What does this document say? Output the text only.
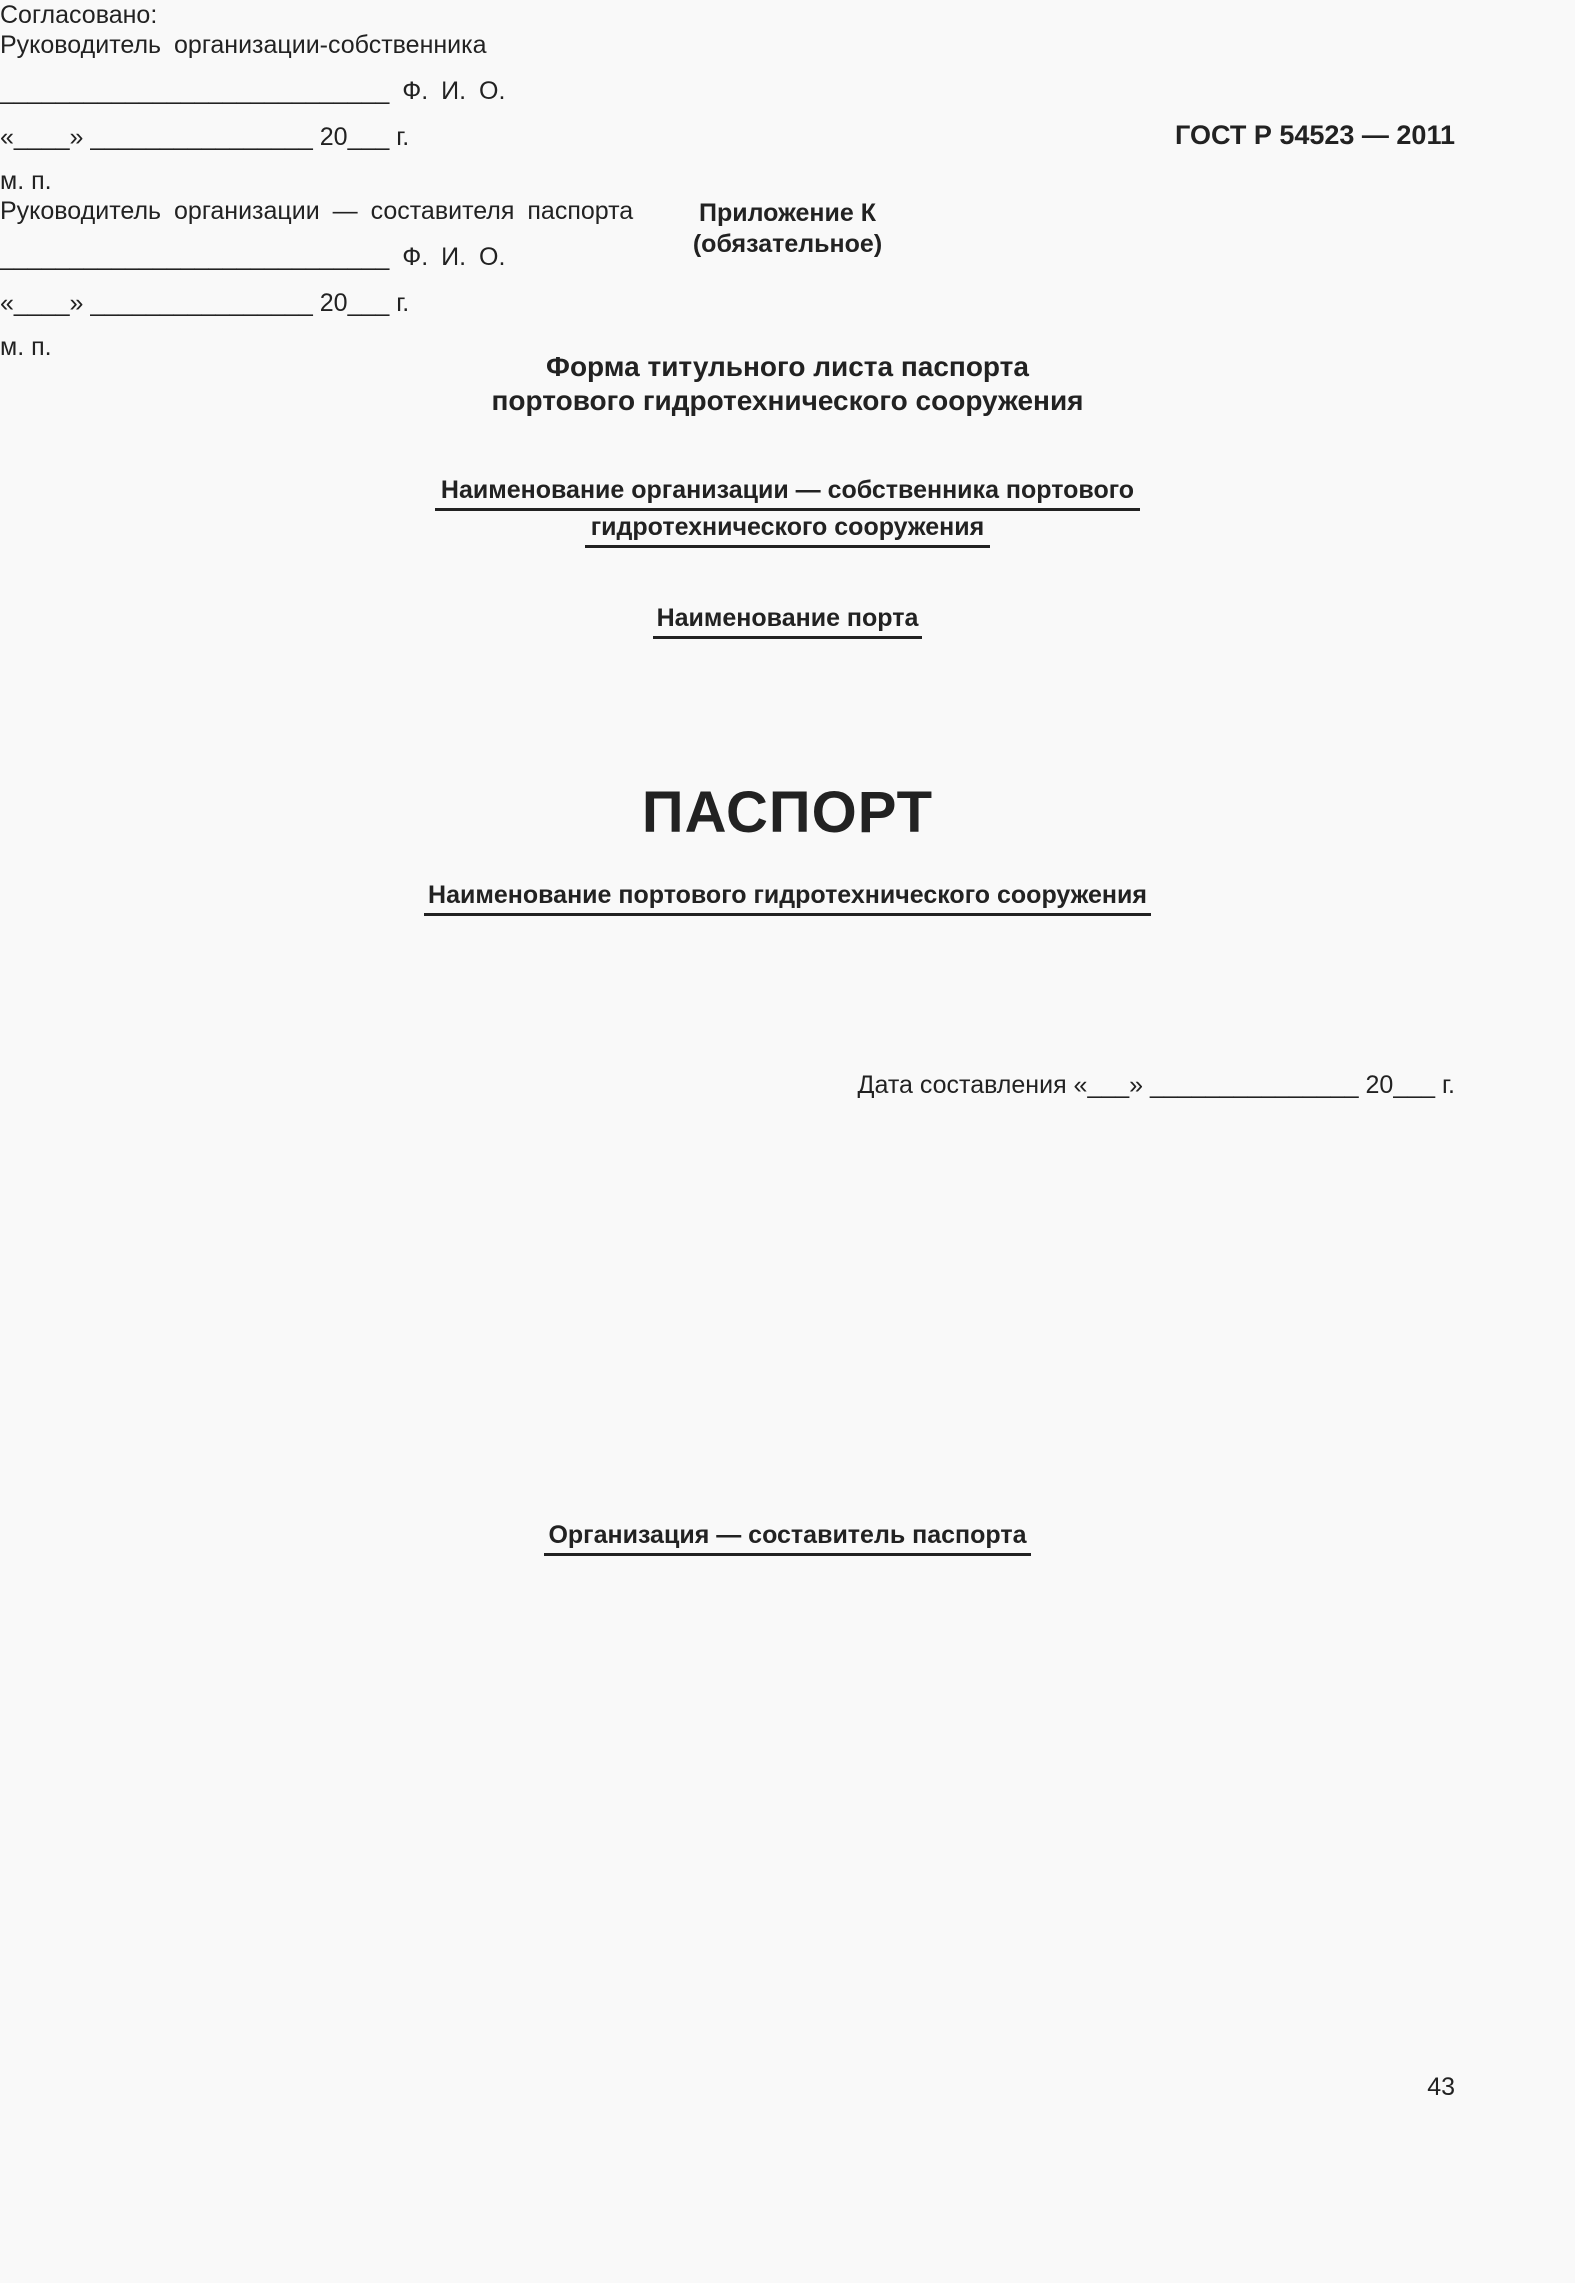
ГОСТ Р 54523 — 2011
Приложение К
(обязательное)
Форма титульного листа паспорта
портового гидротехнического сооружения
Наименование организации — собственника портового
гидротехнического сооружения
Наименование порта
ПАСПОРТ
Наименование портового гидротехнического сооружения
Дата составления «___» _______________ 20___ г.
Согласовано:
Руководитель организации-собственника
____________________________ Ф. И. О.
«____» ________________ 20___ г.
м. п.
Руководитель организации — составителя паспорта
____________________________ Ф. И. О.
«____» ________________ 20___ г.
м. п.
Организация — составитель паспорта
43
